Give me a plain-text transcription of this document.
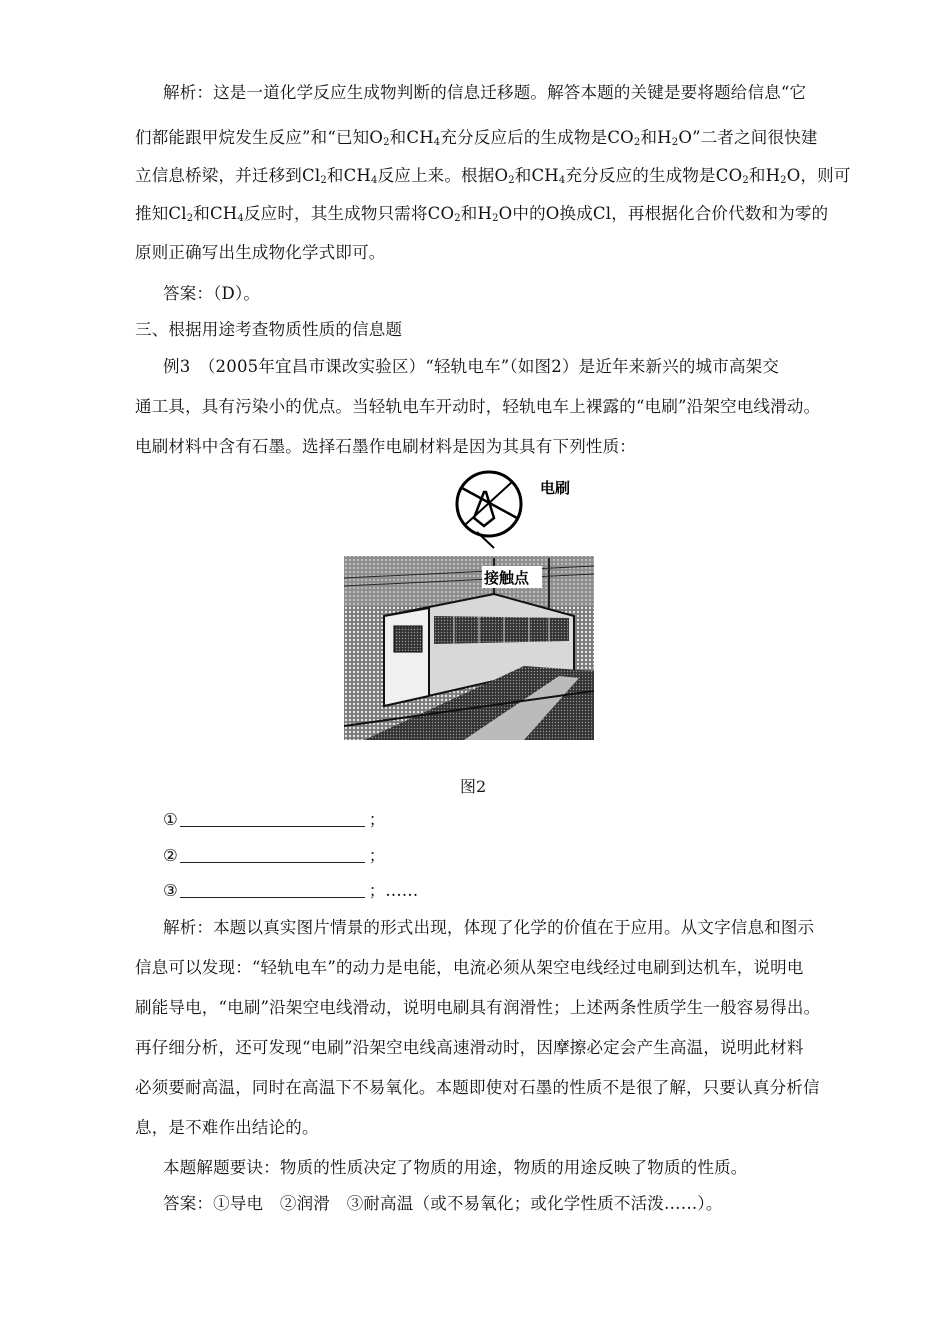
解析：这是一道化学反应生成物判断的信息迁移题。解答本题的关键是要将题给信息“它
们都能跟甲烷发生反应”和“已知$O_2$和$CH_4$充分反应后的生成物是$CO_2$和$H_2O$”二者之间很快建
立信息桥梁，并迁移到$Cl_2$和$CH_4$反应上来。根据$O_2$和$CH_4$充分反应的生成物是$CO_2$和$H_2O$，则可
推知$Cl_2$和$CH_4$反应时，其生成物只需将$CO_2$和$H_2O$中的O换成Cl，再根据化合价代数和为零的
原则正确写出生成物化学式即可。
答案：（D）。
三、根据用途考查物质性质的信息题
例3　（2005年宜昌市课改实验区）“轻轨电车”（如图2）是近年来新兴的城市高架交
通工具，具有污染小的优点。当轻轨电车开动时，轻轨电车上裸露的“电刷”沿架空电线滑动。
电刷材料中含有石墨。选择石墨作电刷材料是因为其具有下列性质：
电刷
接触点
图2
①	；
②	；
③	；……
解析：本题以真实图片情景的形式出现，体现了化学的价值在于应用。从文字信息和图示
信息可以发现：“轻轨电车”的动力是电能，电流必须从架空电线经过电刷到达机车，说明电
刷能导电，“电刷”沿架空电线滑动，说明电刷具有润滑性；上述两条性质学生一般容易得出。
再仔细分析，还可发现“电刷”沿架空电线高速滑动时，因摩擦必定会产生高温，说明此材料
必须要耐高温，同时在高温下不易氧化。本题即使对石墨的性质不是很了解，只要认真分析信
息，是不难作出结论的。
本题解题要诀：物质的性质决定了物质的用途，物质的用途反映了物质的性质。
答案：①导电　②润滑　③耐高温（或不易氧化；或化学性质不活泼……）。
